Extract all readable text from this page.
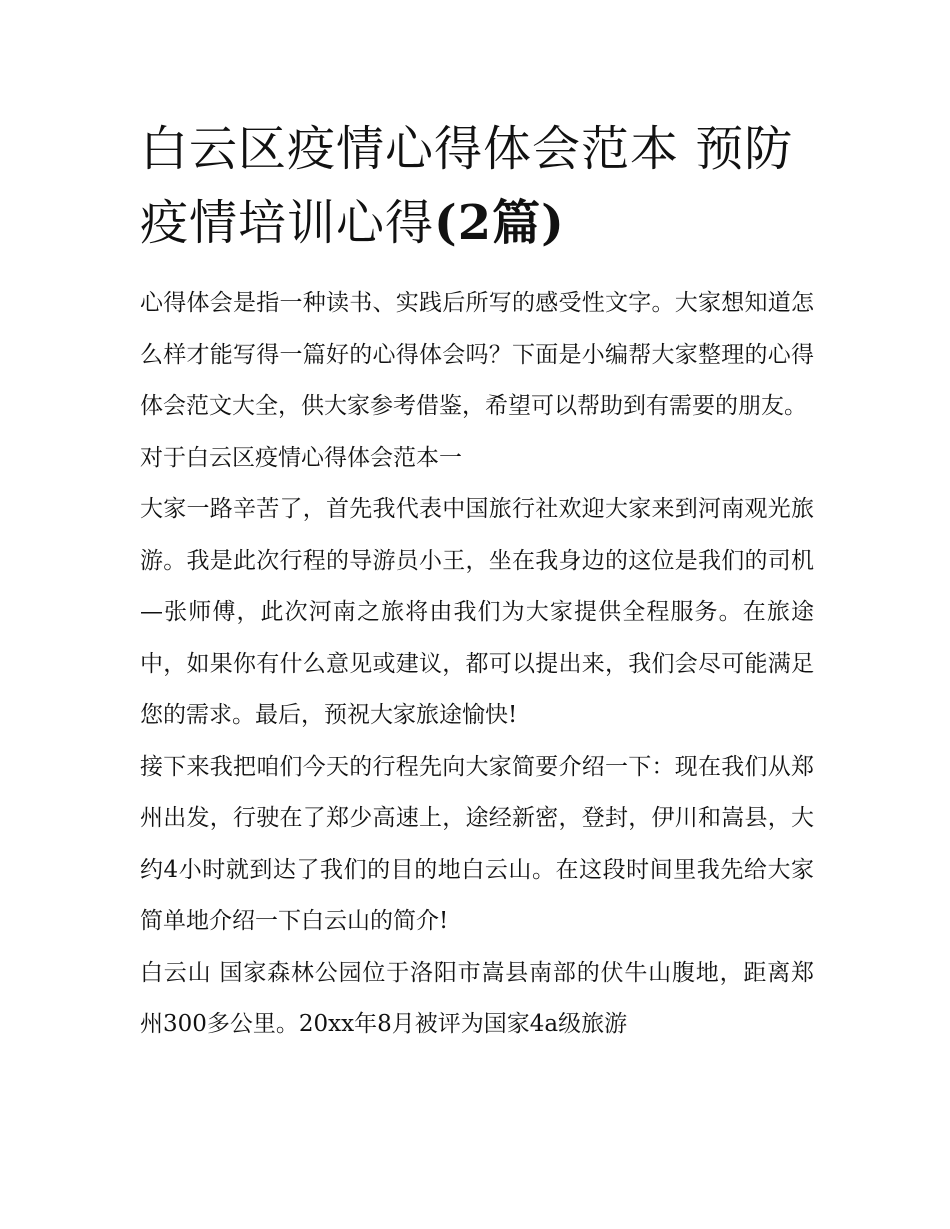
白云区疫情心得体会范本 预防疫情培训心得(2篇)

心得体会是指一种读书、实践后所写的感受性文字。大家想知道怎么样才能写得一篇好的心得体会吗？下面是小编帮大家整理的心得体会范文大全，供大家参考借鉴，希望可以帮助到有需要的朋友。

对于白云区疫情心得体会范本一

大家一路辛苦了，首先我代表中国旅行社欢迎大家来到河南观光旅游。我是此次行程的导游员小王，坐在我身边的这位是我们的司机—张师傅，此次河南之旅将由我们为大家提供全程服务。在旅途中，如果你有什么意见或建议，都可以提出来，我们会尽可能满足您的需求。最后，预祝大家旅途愉快!

接下来我把咱们今天的行程先向大家简要介绍一下：现在我们从郑州出发，行驶在了郑少高速上，途经新密，登封，伊川和嵩县，大约4小时就到达了我们的目的地白云山。在这段时间里我先给大家简单地介绍一下白云山的简介!

白云山 国家森林公园位于洛阳市嵩县南部的伏牛山腹地，距离郑州300多公里。20xx年8月被评为国家4a级旅游
